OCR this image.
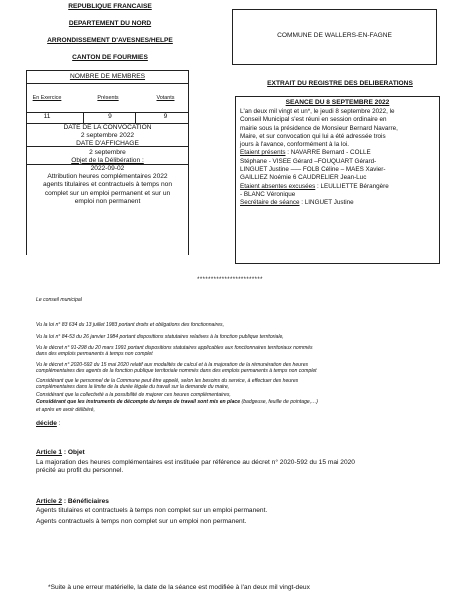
REPUBLIQUE FRANCAISE
DEPARTEMENT DU NORD
ARRONDISSEMENT D'AVESNES/HELPE
CANTON DE FOURMIES
COMMUNE DE WALLERS-EN-FAGNE
NOMBRE DE MEMBRES
En Exercice	Présents	Votants
11	9	9
DATE DE LA CONVOCATION
2 septembre 2022
DATE D'AFFICHAGE
2 septembre
Objet de la Délibération :
2022-09-02
Attribution heures complémentaires 2022
agents titulaires et contractuels à temps non
complet sur un emploi permanent et sur un
emploi non permanent
EXTRAIT DU REGISTRE DES DELIBERATIONS
SEANCE DU 8 SEPTEMBRE 2022
L'an deux mil vingt et un*, le jeudi 8 septembre 2022, le
Conseil Municipal s'est réuni en session ordinaire en
mairie sous la présidence de Monsieur Bernard Navarre,
Maire, et sur convocation qui lui a été adressée trois
jours à l'avance, conformément à la loi.
Etaient présents : NAVARRE Bernard - COLLE
Stéphane - VISEE Gérard –FOUQUART Gérard-
LINGUET Justine ––– FOLB Céline – MAES Xavier-
GAILLIEZ Noémie 6 CAUDRELIER Jean-Luc
Etaient absentes excusées : LEULLIETTE Bérangère
- BLANC Véronique
Secrétaire de séance : LINGUET Justine
************************
Le conseil municipal
Vu la loi n° 83 634 du 13 juillet 1983 portant droits et obligations des fonctionnaires,
Vu la loi n° 84-53 du 26 janvier 1984 portant dispositions statutaires relatives à la fonction publique territoriale,
Vu le décret n° 91-298 du 20 mars 1991 portant dispositions statutaires applicables aux fonctionnaires territoriaux nommés
dans des emplois permanents à temps non complet
Vu le décret n° 2020-592 du 15 mai 2020 relatif aux modalités de calcul et à la majoration de la rémunération des heures
complémentaires des agents de la fonction publique territoriale nommés dans des emplois permanents à temps non complet
Considérant que le personnel de la Commune peut être appelé, selon les besoins du service, à effectuer des heures
complémentaires dans la limite de la durée légale du travail sur la demande du maire,
Considérant que la collectivité a la possibilité de majorer ces heures complémentaires,
Considérant que les instruments de décompte du temps de travail sont mis en place (badgeuse, feuille de pointage,…)
et après en avoir délibéré,
décide :
Article 1 : Objet
La majoration des heures complémentaires est instituée par référence au décret n° 2020-592 du 15 mai 2020
précité au profit du personnel.
Article 2 : Bénéficiaires
Agents titulaires et contractuels à temps non complet sur un emploi permanent.
Agents contractuels à temps non complet sur un emploi non permanent.
*Suite à une erreur matérielle, la date de la séance est modifiée à l'an deux mil vingt-deux
